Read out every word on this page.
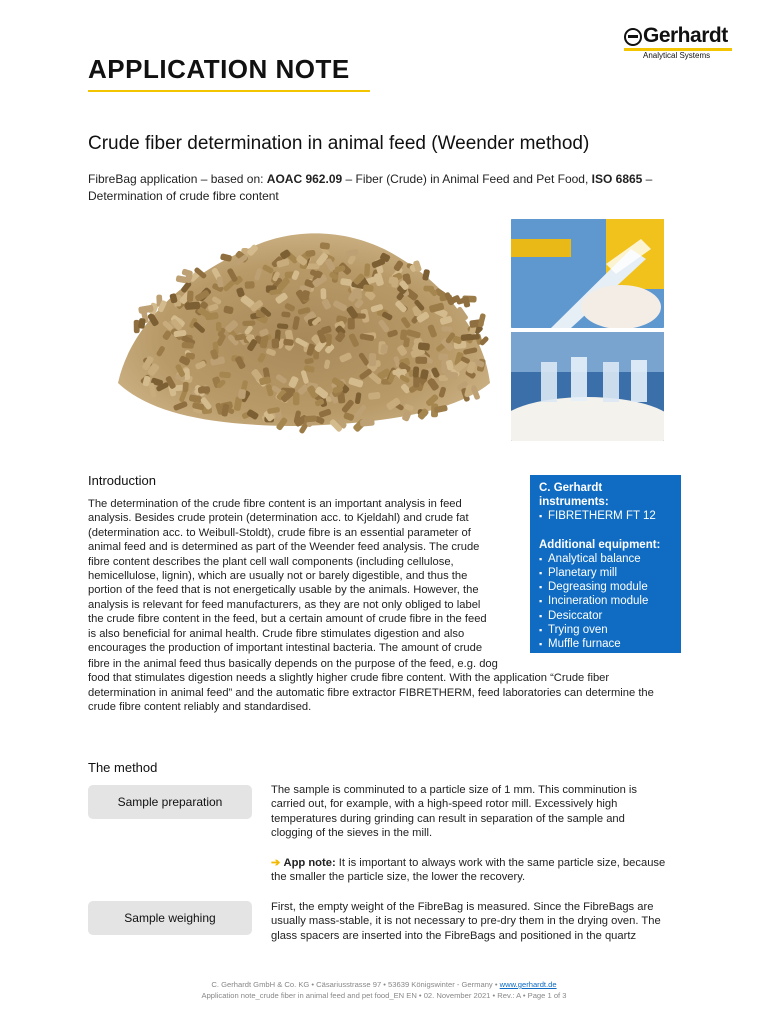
Gerhardt
Analytical Systems
APPLICATION NOTE
Crude fiber determination in animal feed (Weender method)
FibreBag application – based on: AOAC 962.09 – Fiber (Crude) in Animal Feed and Pet Food, ISO 6865 – Determination of crude fibre content
C. Gerhardt instruments:
▪ FIBRETHERM FT 12
Additional equipment:
▪ Analytical balance
▪ Planetary mill
▪ Degreasing module
▪ Incineration module
▪ Desiccator
▪ Trying oven
▪ Muffle furnace
Introduction
The determination of the crude fibre content is an important analysis in feed
analysis. Besides crude protein (determination acc. to Kjeldahl) and crude fat
(determination acc. to Weibull-Stoldt), crude fibre is an essential parameter of
animal feed and is determined as part of the Weender feed analysis. The crude
fibre content describes the plant cell wall components (including cellulose,
hemicellulose, lignin), which are usually not or barely digestible, and thus the
portion of the feed that is not energetically usable by the animals. However, the
analysis is relevant for feed manufacturers, as they are not only obliged to label
the crude fibre content in the feed, but a certain amount of crude fibre in the feed
is also beneficial for animal health. Crude fibre stimulates digestion and also
encourages the production of important intestinal bacteria. The amount of crude
fibre in the animal feed thus basically depends on the purpose of the feed, e.g. dog
food that stimulates digestion needs a slightly higher crude fibre content. With the application “Crude fiber
determination in animal feed” and the automatic fibre extractor FIBRETHERM, feed laboratories can determine the
crude fibre content reliably and standardised.
The method
Sample preparation
The sample is comminuted to a particle size of 1 mm. This comminution is
carried out, for example, with a high-speed rotor mill. Excessively high
temperatures during grinding can result in separation of the sample and
clogging of the sieves in the mill.
➔ App note: It is important to always work with the same particle size, because
the smaller the particle size, the lower the recovery.
Sample weighing
First, the empty weight of the FibreBag is measured. Since the FibreBags are
usually mass-stable, it is not necessary to pre-dry them in the drying oven. The
glass spacers are inserted into the FibreBags and positioned in the quartz
C. Gerhardt GmbH & Co. KG • Cäsariusstrasse 97 • 53639 Königswinter - Germany • www.gerhardt.de
Application note_crude fiber in animal feed and pet food_EN EN • 02. November 2021 • Rev.: A • Page 1 of 3
